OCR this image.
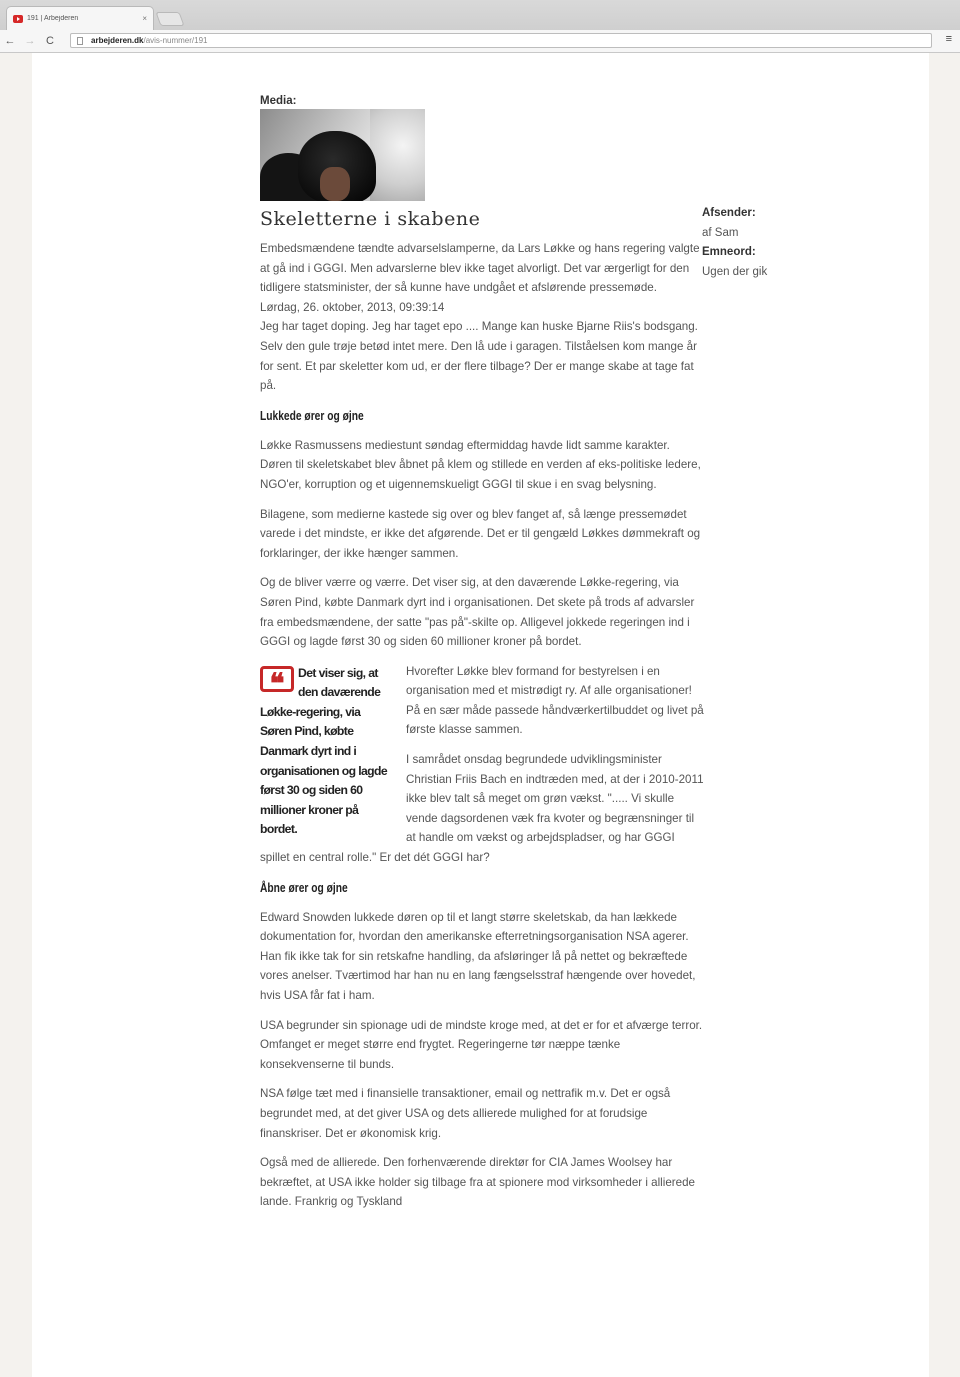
191 | Arbejderen	×
← → C	arbejderen.dk /avis-nummer/191	≡
Media:
Skeletterne i skabene

Embedsmændene tændte advarselslamperne, da Lars Løkke og hans regering valgte at gå ind i GGGI. Men advarslerne blev ikke taget alvorligt. Det var ærgerligt for den tidligere statsminister, der så kunne have undgået et afslørende pressemøde.

Lørdag, 26. oktober, 2013, 09:39:14

Jeg har taget doping. Jeg har taget epo .... Mange kan huske Bjarne Riis's bodsgang. Selv den gule trøje betød intet mere. Den lå ude i garagen. Tilståelsen kom mange år for sent. Et par skeletter kom ud, er der flere tilbage? Der er mange skabe at tage fat på.

Lukkede ører og øjne

Løkke Rasmussens mediestunt søndag eftermiddag havde lidt samme karakter. Døren til skeletskabet blev åbnet på klem og stillede en verden af eks-politiske ledere, NGO'er, korruption og et uigennemskueligt GGGI til skue i en svag belysning.

Bilagene, som medierne kastede sig over og blev fanget af, så længe pressemødet varede i det mindste, er ikke det afgørende. Det er til gengæld Løkkes dømmekraft og forklaringer, der ikke hænger sammen.

Og de bliver værre og værre. Det viser sig, at den daværende Løkke-regering, via Søren Pind, købte Danmark dyrt ind i organisationen. Det skete på trods af advarsler fra embedsmændene, der satte "pas på"-skilte op. Alligevel jokkede regeringen ind i GGGI og lagde først 30 og siden 60 millioner kroner på bordet.

❝	Det viser sig, at den daværende Løkke-regering, via Søren Pind, købte Danmark dyrt ind i organisationen og lagde først 30 og siden 60 millioner kroner på bordet.

Hvorefter Løkke blev formand for bestyrelsen i en organisation med et mistrødigt ry. Af alle organisationer! På en sær måde passede håndværkertilbuddet og livet på første klasse sammen.

I samrådet onsdag begrundede udviklingsminister Christian Friis Bach en indtræden med, at der i 2010-2011 ikke blev talt så meget om grøn vækst. "..... Vi skulle vende dagsordenen væk fra kvoter og begrænsninger til at handle om vækst og arbejdspladser, og har GGGI spillet en central rolle." Er det dét GGGI har?

Åbne ører og øjne

Edward Snowden lukkede døren op til et langt større skeletskab, da han lækkede dokumentation for, hvordan den amerikanske efterretningsorganisation NSA agerer. Han fik ikke tak for sin retskafne handling, da afsløringer lå på nettet og bekræftede vores anelser. Tværtimod har han nu en lang fængselsstraf hængende over hovedet, hvis USA får fat i ham.

USA begrunder sin spionage udi de mindste kroge med, at det er for et afværge terror. Omfanget er meget større end frygtet. Regeringerne tør næppe tænke konsekvenserne til bunds.

NSA følge tæt med i finansielle transaktioner, email og nettrafik m.v. Det er også begrundet med, at det giver USA og dets allierede mulighed for at forudsige finanskriser. Det er økonomisk krig.

Også med de allierede. Den forhenværende direktør for CIA James Woolsey har bekræftet, at USA ikke holder sig tilbage fra at spionere mod virksomheder i allierede lande. Frankrig og Tyskland

Afsender:
af Sam
Emneord:
Ugen der gik
